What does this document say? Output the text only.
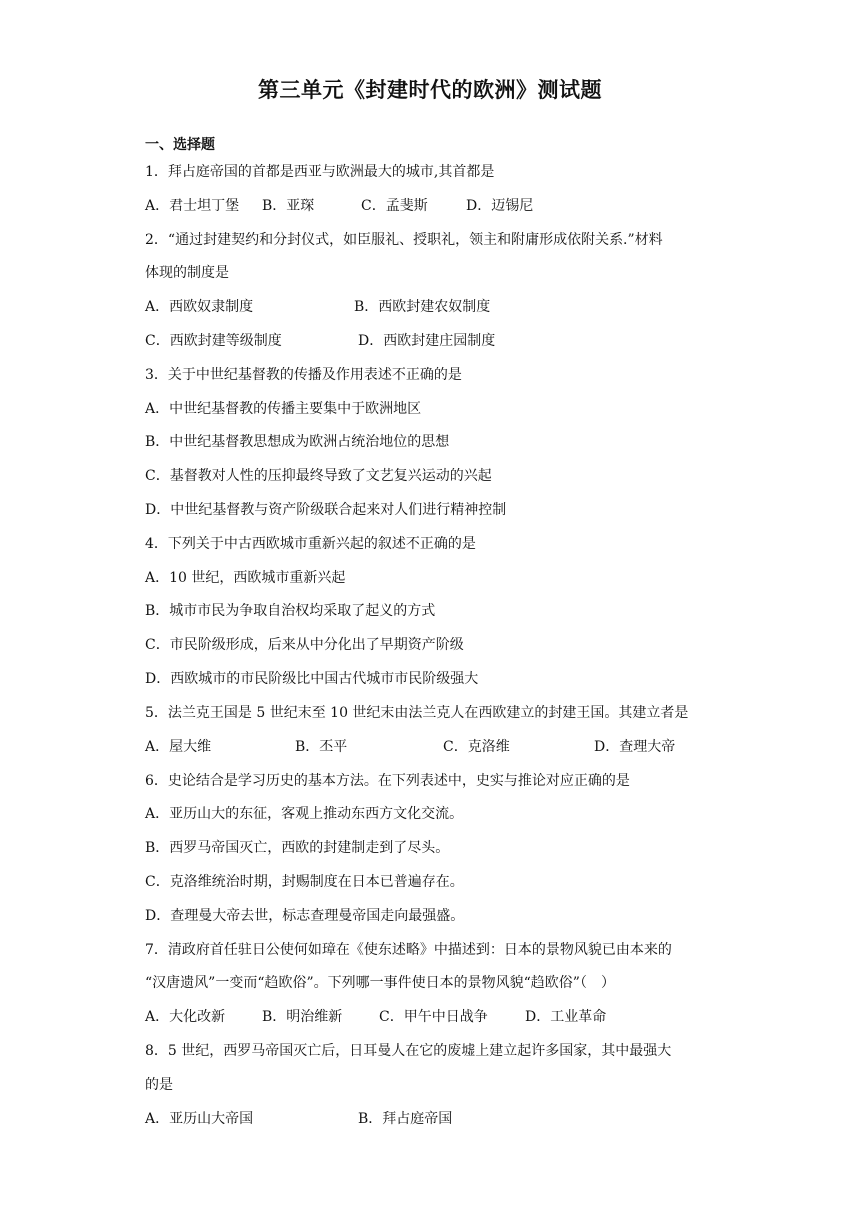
第三单元《封建时代的欧洲》测试题
一、选择题
1．拜占庭帝国的首都是西亚与欧洲最大的城市,其首都是
A．君士坦丁堡 B．亚琛	C．孟斐斯	D．迈锡尼
2．“通过封建契约和分封仪式，如臣服礼、授职礼，领主和附庸形成依附关系.”材料
体现的制度是
A．西欧奴隶制度	B．西欧封建农奴制度
C．西欧封建等级制度	D．西欧封建庄园制度
3．关于中世纪基督教的传播及作用表述不正确的是
A．中世纪基督教的传播主要集中于欧洲地区
B．中世纪基督教思想成为欧洲占统治地位的思想
C．基督教对人性的压抑最终导致了文艺复兴运动的兴起
D．中世纪基督教与资产阶级联合起来对人们进行精神控制
4．下列关于中古西欧城市重新兴起的叙述不正确的是
A．10 世纪，西欧城市重新兴起
B．城市市民为争取自治权均采取了起义的方式
C．市民阶级形成，后来从中分化出了早期资产阶级
D．西欧城市的市民阶级比中国古代城市市民阶级强大
5．法兰克王国是 5 世纪末至 10 世纪末由法兰克人在西欧建立的封建王国。其建立者是
A．屋大维	B．丕平	C．克洛维	D．查理大帝
6．史论结合是学习历史的基本方法。在下列表述中，史实与推论对应正确的是
A．亚历山大的东征，客观上推动东西方文化交流。
B．西罗马帝国灭亡，西欧的封建制走到了尽头。
C．克洛维统治时期，封赐制度在日本已普遍存在。
D．查理曼大帝去世，标志查理曼帝国走向最强盛。
7．清政府首任驻日公使何如璋在《使东述略》中描述到：日本的景物风貌已由本来的
“汉唐遗风”一变而“趋欧俗”。下列哪一事件使日本的景物风貌“趋欧俗”（　）
A．大化改新	B．明治维新	C．甲午中日战争	D．工业革命
8．5 世纪，西罗马帝国灭亡后，日耳曼人在它的废墟上建立起许多国家，其中最强大
的是
A．亚历山大帝国	B．拜占庭帝国
